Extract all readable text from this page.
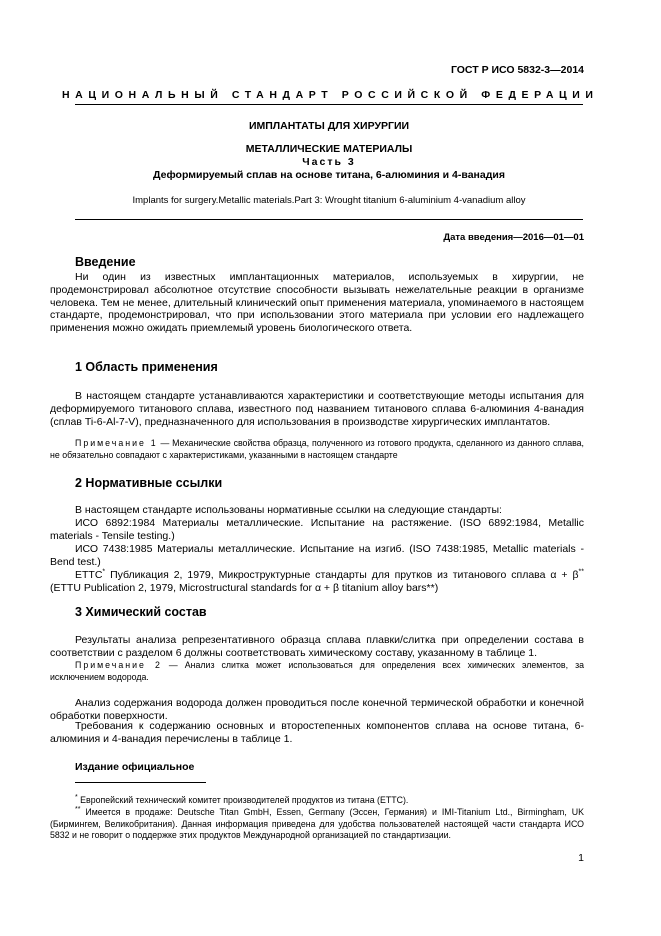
ГОСТ Р ИСО 5832-3—2014
НАЦИОНАЛЬНЫЙ СТАНДАРТ РОССИЙСКОЙ ФЕДЕРАЦИИ
ИМПЛАНТАТЫ ДЛЯ ХИРУРГИИ
МЕТАЛЛИЧЕСКИЕ МАТЕРИАЛЫ
Часть 3
Деформируемый сплав на основе титана, 6-алюминия и 4-ванадия
Implants for surgery.Metallic materials.Part 3: Wrought titanium 6-aluminium 4-vanadium alloy
Дата введения—2016—01—01
Введение
Ни один из известных имплантационных материалов, используемых в хирургии, не продемонстрировал абсолютное отсутствие способности вызывать нежелательные реакции в организме человека. Тем не менее, длительный клинический опыт применения материала, упоминаемого в настоящем стандарте, продемонстрировал, что при использовании этого материала при условии его надлежащего применения можно ожидать приемлемый уровень биологического ответа.
1 Область применения
В настоящем стандарте устанавливаются характеристики и соответствующие методы испытания для деформируемого титанового сплава, известного под названием титанового сплава 6-алюминия 4-ванадия (сплав Ti-6-Al-7-V), предназначенного для использования в производстве хирургических имплантатов.
Примечание 1 — Механические свойства образца, полученного из готового продукта, сделанного из данного сплава, не обязательно совпадают с характеристиками, указанными в настоящем стандарте
2 Нормативные ссылки
В настоящем стандарте использованы нормативные ссылки на следующие стандарты:
ИСО 6892:1984 Материалы металлические. Испытание на растяжение. (ISO 6892:1984, Metallic materials - Tensile testing.)
ИСО 7438:1985 Материалы металлические. Испытание на изгиб. (ISO 7438:1985, Metallic materials - Bend test.)
ЕТТС* Публикация 2, 1979, Микроструктурные стандарты для прутков из титанового сплава α + β** (ETTU Publication 2, 1979, Microstructural standards for α + β titanium alloy bars**)
3 Химический состав
Результаты анализа репрезентативного образца сплава плавки/слитка при определении состава в соответствии с разделом 6 должны соответствовать химическому составу, указанному в таблице 1.
Примечание 2 — Анализ слитка может использоваться для определения всех химических элементов, за исключением водорода.
Анализ содержания водорода должен проводиться после конечной термической обработки и конечной обработки поверхности.
Требования к содержанию основных и второстепенных компонентов сплава на основе титана, 6-алюминия и 4-ванадия перечислены в таблице 1.
Издание официальное
* Европейский технический комитет производителей продуктов из титана (ЕТТС).
** Имеется в продаже: Deutsche Titan GmbH, Essen, Germany (Эссен, Германия) и IMI-Titanium Ltd., Birmingham, UK (Бирмингем, Великобритания). Данная информация приведена для удобства пользователей настоящей части стандарта ИСО 5832 и не говорит о поддержке этих продуктов Международной организацией по стандартизации.
1
